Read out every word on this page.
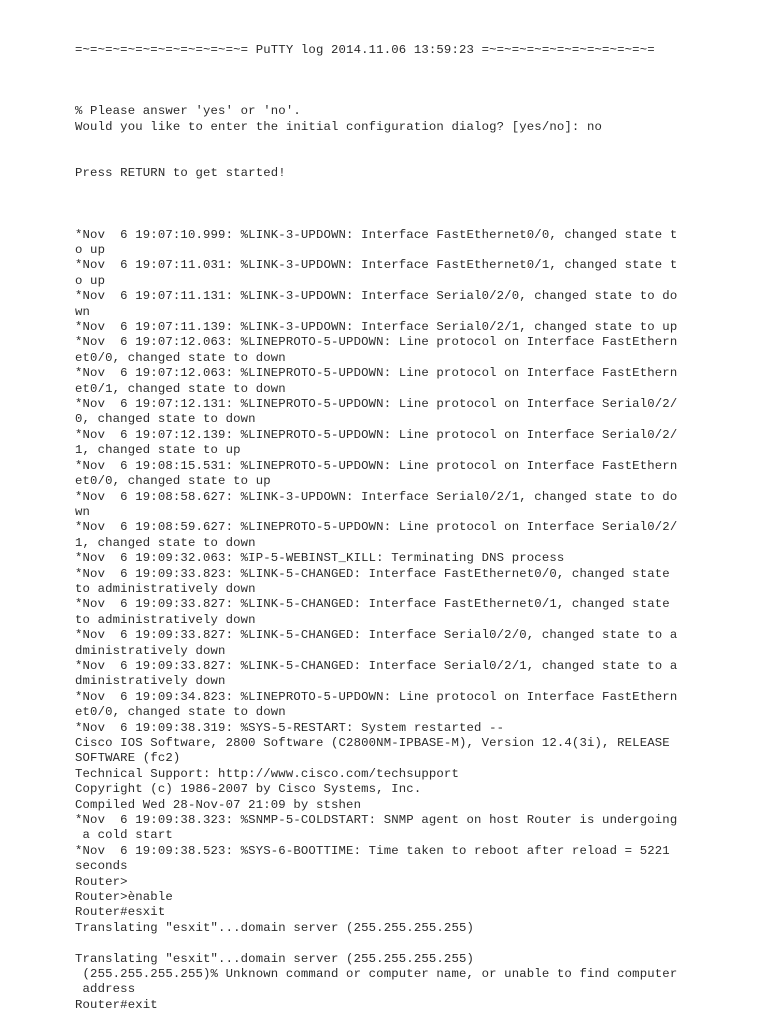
=~=~=~=~=~=~=~=~=~=~=~= PuTTY log 2014.11.06 13:59:23 =~=~=~=~=~=~=~=~=~=~=~=

% Please answer 'yes' or 'no'.
Would you like to enter the initial configuration dialog? [yes/no]: no
Press RETURN to get started!
*Nov  6 19:07:10.999: %LINK-3-UPDOWN: Interface FastEthernet0/0, changed state t
o up
*Nov  6 19:07:11.031: %LINK-3-UPDOWN: Interface FastEthernet0/1, changed state t
o up
*Nov  6 19:07:11.131: %LINK-3-UPDOWN: Interface Serial0/2/0, changed state to do
wn
*Nov  6 19:07:11.139: %LINK-3-UPDOWN: Interface Serial0/2/1, changed state to up
*Nov  6 19:07:12.063: %LINEPROTO-5-UPDOWN: Line protocol on Interface FastEthern
et0/0, changed state to down
*Nov  6 19:07:12.063: %LINEPROTO-5-UPDOWN: Line protocol on Interface FastEthern
et0/1, changed state to down
*Nov  6 19:07:12.131: %LINEPROTO-5-UPDOWN: Line protocol on Interface Serial0/2/
0, changed state to down
*Nov  6 19:07:12.139: %LINEPROTO-5-UPDOWN: Line protocol on Interface Serial0/2/
1, changed state to up
*Nov  6 19:08:15.531: %LINEPROTO-5-UPDOWN: Line protocol on Interface FastEthern
et0/0, changed state to up
*Nov  6 19:08:58.627: %LINK-3-UPDOWN: Interface Serial0/2/1, changed state to do
wn
*Nov  6 19:08:59.627: %LINEPROTO-5-UPDOWN: Line protocol on Interface Serial0/2/
1, changed state to down
*Nov  6 19:09:32.063: %IP-5-WEBINST_KILL: Terminating DNS process
*Nov  6 19:09:33.823: %LINK-5-CHANGED: Interface FastEthernet0/0, changed state
to administratively down
*Nov  6 19:09:33.827: %LINK-5-CHANGED: Interface FastEthernet0/1, changed state
to administratively down
*Nov  6 19:09:33.827: %LINK-5-CHANGED: Interface Serial0/2/0, changed state to a
dministratively down
*Nov  6 19:09:33.827: %LINK-5-CHANGED: Interface Serial0/2/1, changed state to a
dministratively down
*Nov  6 19:09:34.823: %LINEPROTO-5-UPDOWN: Line protocol on Interface FastEthern
et0/0, changed state to down
*Nov  6 19:09:38.319: %SYS-5-RESTART: System restarted --
Cisco IOS Software, 2800 Software (C2800NM-IPBASE-M), Version 12.4(3i), RELEASE
SOFTWARE (fc2)
Technical Support: http://www.cisco.com/techsupport
Copyright (c) 1986-2007 by Cisco Systems, Inc.
Compiled Wed 28-Nov-07 21:09 by stshen
*Nov  6 19:09:38.323: %SNMP-5-COLDSTART: SNMP agent on host Router is undergoing
a cold start
*Nov  6 19:09:38.523: %SYS-6-BOOTTIME: Time taken to reboot after reload = 5221
seconds
Router>
Router>ènable
Router#esxit
Translating "esxit"...domain server (255.255.255.255)
Translating "esxit"...domain server (255.255.255.255)
(255.255.255.255)% Unknown command or computer name, or unable to find computer
address
Router#exit
